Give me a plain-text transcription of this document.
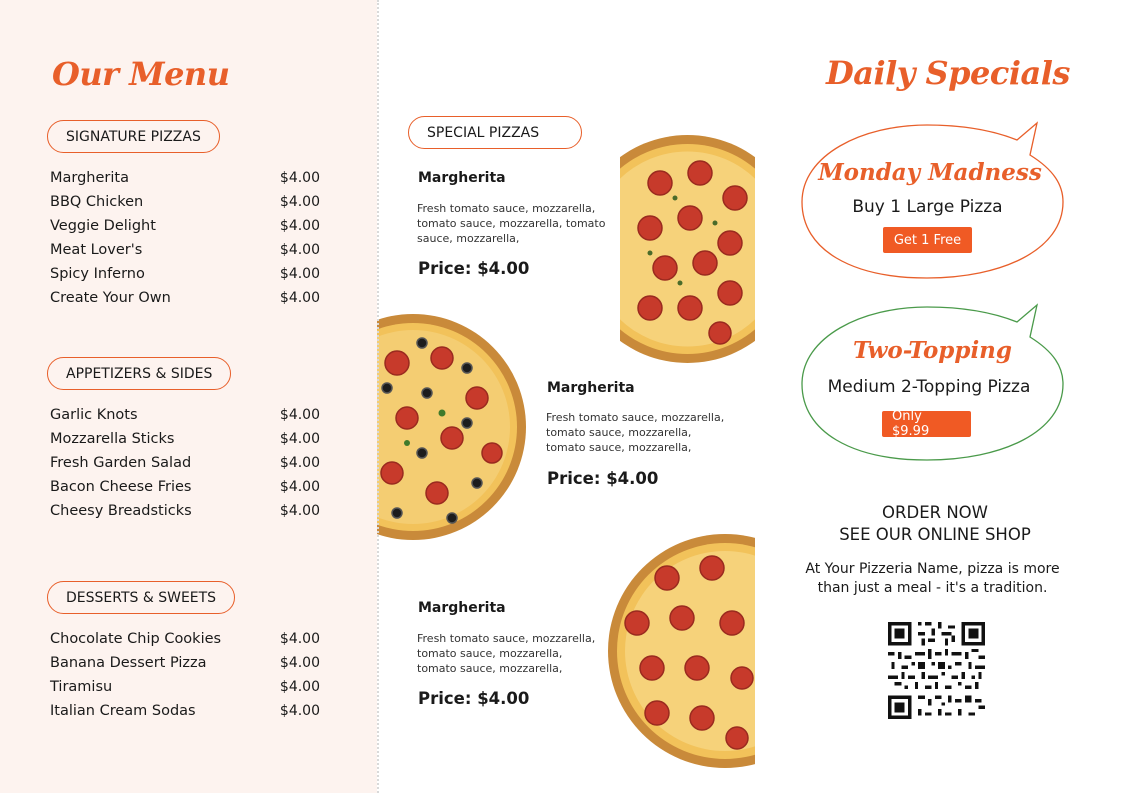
Our Menu
SIGNATURE PIZZAS
Margherita	$4.00
BBQ Chicken	$4.00
Veggie Delight	$4.00
Meat Lover's	$4.00
Spicy Inferno	$4.00
Create Your Own	$4.00
APPETIZERS & SIDES
Garlic Knots	$4.00
Mozzarella Sticks	$4.00
Fresh Garden Salad	$4.00
Bacon Cheese Fries	$4.00
Cheesy Breadsticks	$4.00
DESSERTS & SWEETS
Chocolate Chip Cookies	$4.00
Banana Dessert Pizza	$4.00
Tiramisu	$4.00
Italian Cream Sodas	$4.00
SPECIAL PIZZAS
Margherita
Fresh tomato sauce, mozzarella,
tomato sauce, mozzarella, tomato
sauce, mozzarella,
Price: $4.00
Margherita
Fresh tomato sauce, mozzarella,
tomato sauce, mozzarella,
tomato sauce, mozzarella,
Price: $4.00
Margherita
Fresh tomato sauce, mozzarella,
tomato sauce, mozzarella,
tomato sauce, mozzarella,
Price: $4.00
Daily Specials
Monday Madness
Buy 1 Large Pizza
Get 1 Free
Two-Topping
Medium 2-Topping Pizza
Only $9.99
ORDER NOW
SEE OUR ONLINE SHOP
At Your Pizzeria Name, pizza is more
than just a meal - it's a tradition.
